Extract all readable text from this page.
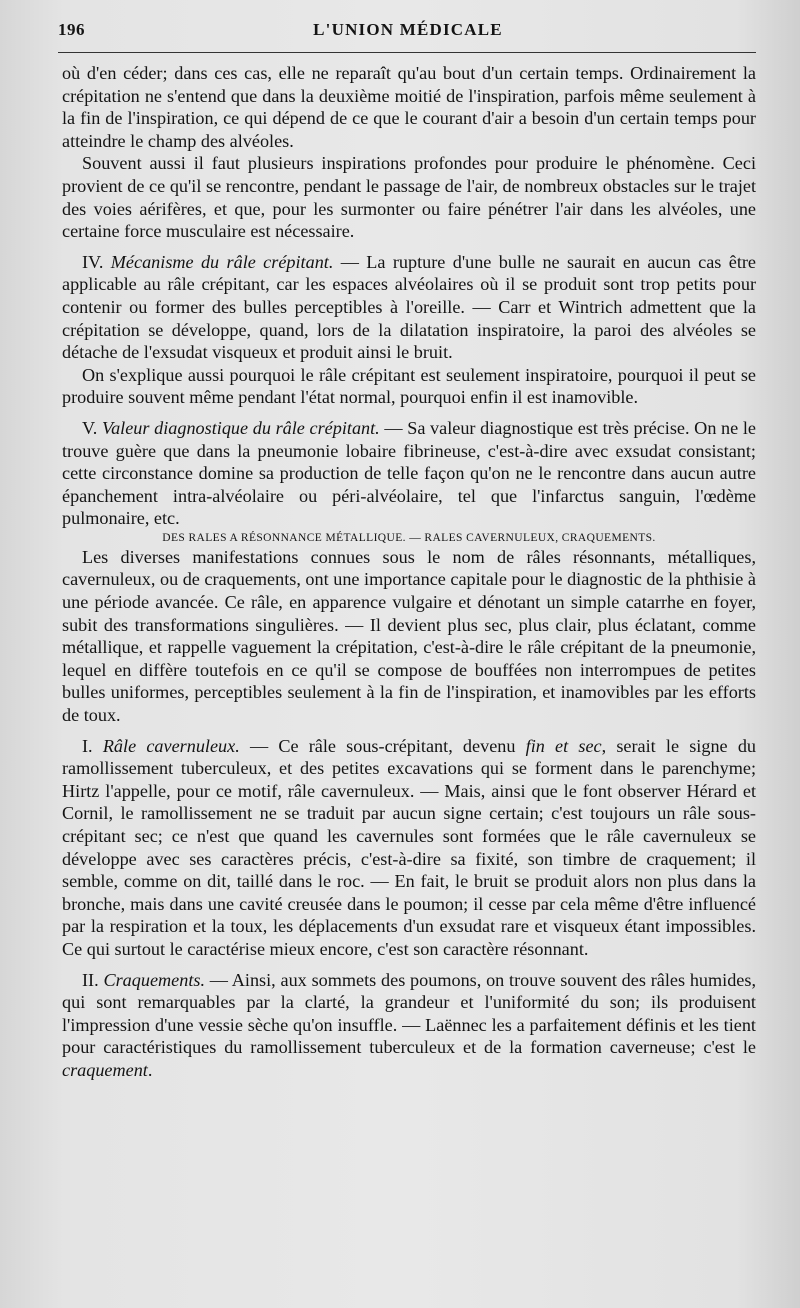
196	L'UNION MÉDICALE

où d'en céder; dans ces cas, elle ne reparaît qu'au bout d'un certain temps. Ordinairement la crépitation ne s'entend que dans la deuxième moitié de l'inspiration, parfois même seulement à la fin de l'inspiration, ce qui dépend de ce que le courant d'air a besoin d'un certain temps pour atteindre le champ des alvéoles.

Souvent aussi il faut plusieurs inspirations profondes pour produire le phénomène. Ceci provient de ce qu'il se rencontre, pendant le passage de l'air, de nombreux obstacles sur le trajet des voies aérifères, et que, pour les surmonter ou faire pénétrer l'air dans les alvéoles, une certaine force musculaire est nécessaire.

IV. Mécanisme du râle crépitant. — La rupture d'une bulle ne saurait en aucun cas être applicable au râle crépitant, car les espaces alvéolaires où il se produit sont trop petits pour contenir ou former des bulles perceptibles à l'oreille. — Carr et Wintrich admettent que la crépitation se développe, quand, lors de la dilatation inspiratoire, la paroi des alvéoles se détache de l'exsudat visqueux et produit ainsi le bruit.

On s'explique aussi pourquoi le râle crépitant est seulement inspiratoire, pourquoi il peut se produire souvent même pendant l'état normal, pourquoi enfin il est inamovible.

V. Valeur diagnostique du râle crépitant. — Sa valeur diagnostique est très précise. On ne le trouve guère que dans la pneumonie lobaire fibrineuse, c'est-à-dire avec exsudat consistant; cette circonstance domine sa production de telle façon qu'on ne le rencontre dans aucun autre épanchement intra-alvéolaire ou péri-alvéolaire, tel que l'infarctus sanguin, l'œdème pulmonaire, etc.

DES RALES A RÉSONNANCE MÉTALLIQUE. — RALES CAVERNULEUX, CRAQUEMENTS.

Les diverses manifestations connues sous le nom de râles résonnants, métalliques, cavernuleux, ou de craquements, ont une importance capitale pour le diagnostic de la phthisie à une période avancée. Ce râle, en apparence vulgaire et dénotant un simple catarrhe en foyer, subit des transformations singulières. — Il devient plus sec, plus clair, plus éclatant, comme métallique, et rappelle vaguement la crépitation, c'est-à-dire le râle crépitant de la pneumonie, lequel en diffère toutefois en ce qu'il se compose de bouffées non interrompues de petites bulles uniformes, perceptibles seulement à la fin de l'inspiration, et inamovibles par les efforts de toux.

I. Râle cavernuleux. — Ce râle sous-crépitant, devenu fin et sec, serait le signe du ramollissement tuberculeux, et des petites excavations qui se forment dans le parenchyme; Hirtz l'appelle, pour ce motif, râle cavernuleux. — Mais, ainsi que le font observer Hérard et Cornil, le ramollissement ne se traduit par aucun signe certain; c'est toujours un râle sous-crépitant sec; ce n'est que quand les cavernules sont formées que le râle cavernuleux se développe avec ses caractères précis, c'est-à-dire sa fixité, son timbre de craquement; il semble, comme on dit, taillé dans le roc. — En fait, le bruit se produit alors non plus dans la bronche, mais dans une cavité creusée dans le poumon; il cesse par cela même d'être influencé par la respiration et la toux, les déplacements d'un exsudat rare et visqueux étant impossibles. Ce qui surtout le caractérise mieux encore, c'est son caractère résonnant.

II. Craquements. — Ainsi, aux sommets des poumons, on trouve souvent des râles humides, qui sont remarquables par la clarté, la grandeur et l'uniformité du son; ils produisent l'impression d'une vessie sèche qu'on insuffle. — Laënnec les a parfaitement définis et les tient pour caractéristiques du ramollissement tuberculeux et de la formation caverneuse; c'est le craquement.
